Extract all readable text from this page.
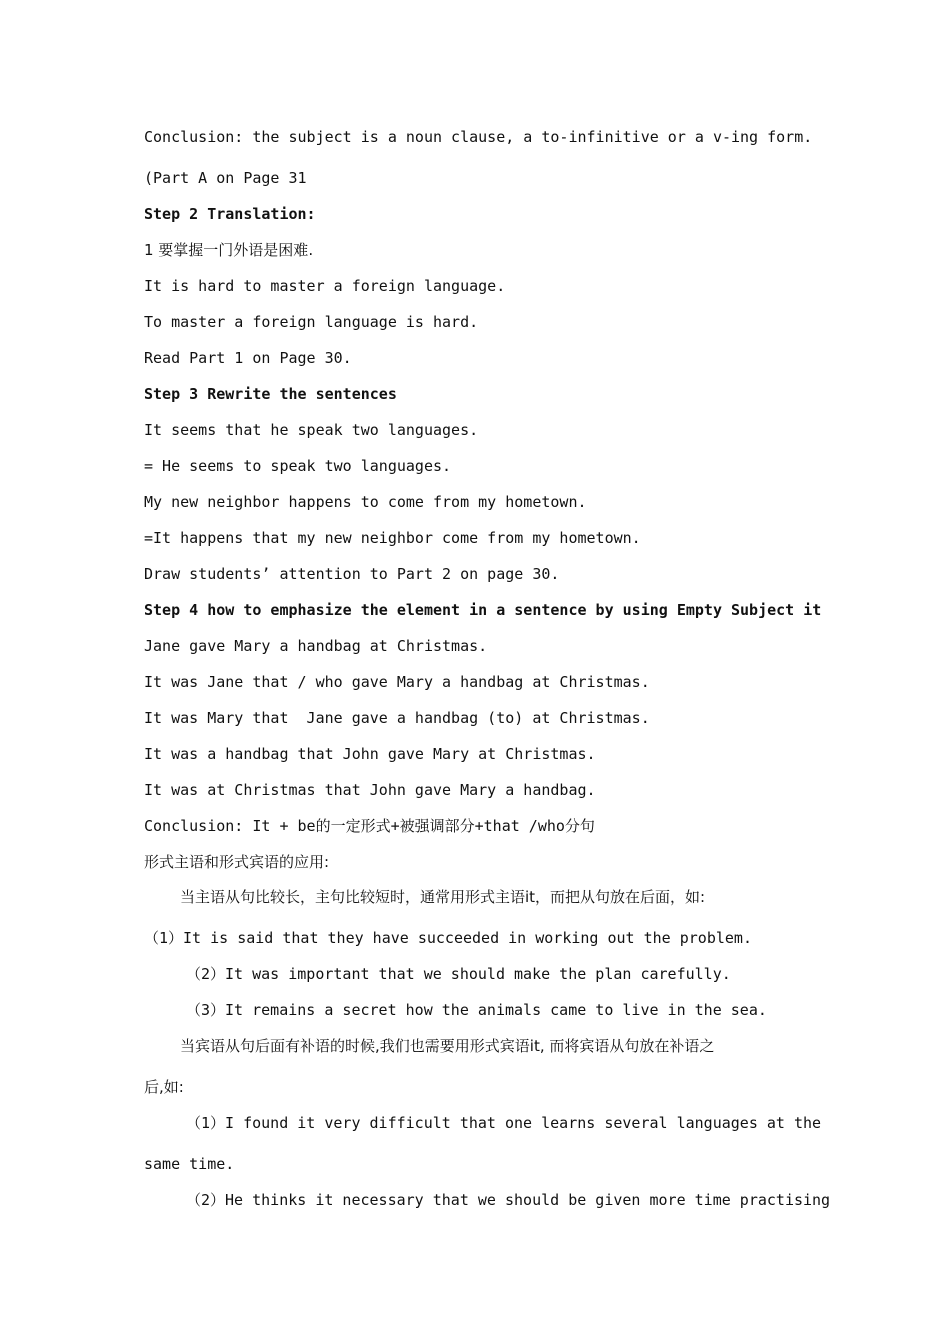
Conclusion: the subject is a noun clause, a to-infinitive or a v-ing form.
(Part A on Page 31
Step 2 Translation:
1 要掌握一门外语是困难.
It is hard to master a foreign language.
To master a foreign language is hard.
Read Part 1 on Page 30.
Step 3 Rewrite the sentences
It seems that he speak two languages.
= He seems to speak two languages.
My new neighbor happens to come from my hometown.
=It happens that my new neighbor come from my hometown.
Draw students’ attention to Part 2 on page 30.
Step 4 how to emphasize the element in a sentence by using Empty Subject it
Jane gave Mary a handbag at Christmas.
It was Jane that / who gave Mary a handbag at Christmas.
It was Mary that  Jane gave a handbag (to) at Christmas.
It was a handbag that John gave Mary at Christmas.
It was at Christmas that John gave Mary a handbag.
Conclusion: It + be的一定形式+被强调部分+that /who分句
形式主语和形式宾语的应用:
当主语从句比较长，主句比较短时，通常用形式主语it，而把从句放在后面，如:
（1）It is said that they have succeeded in working out the problem.
（2）It was important that we should make the plan carefully.
（3）It remains a secret how the animals came to live in the sea.
当宾语从句后面有补语的时候,我们也需要用形式宾语it, 而将宾语从句放在补语之
后,如:
（1）I found it very difficult that one learns several languages at the
same time.
（2）He thinks it necessary that we should be given more time practising
